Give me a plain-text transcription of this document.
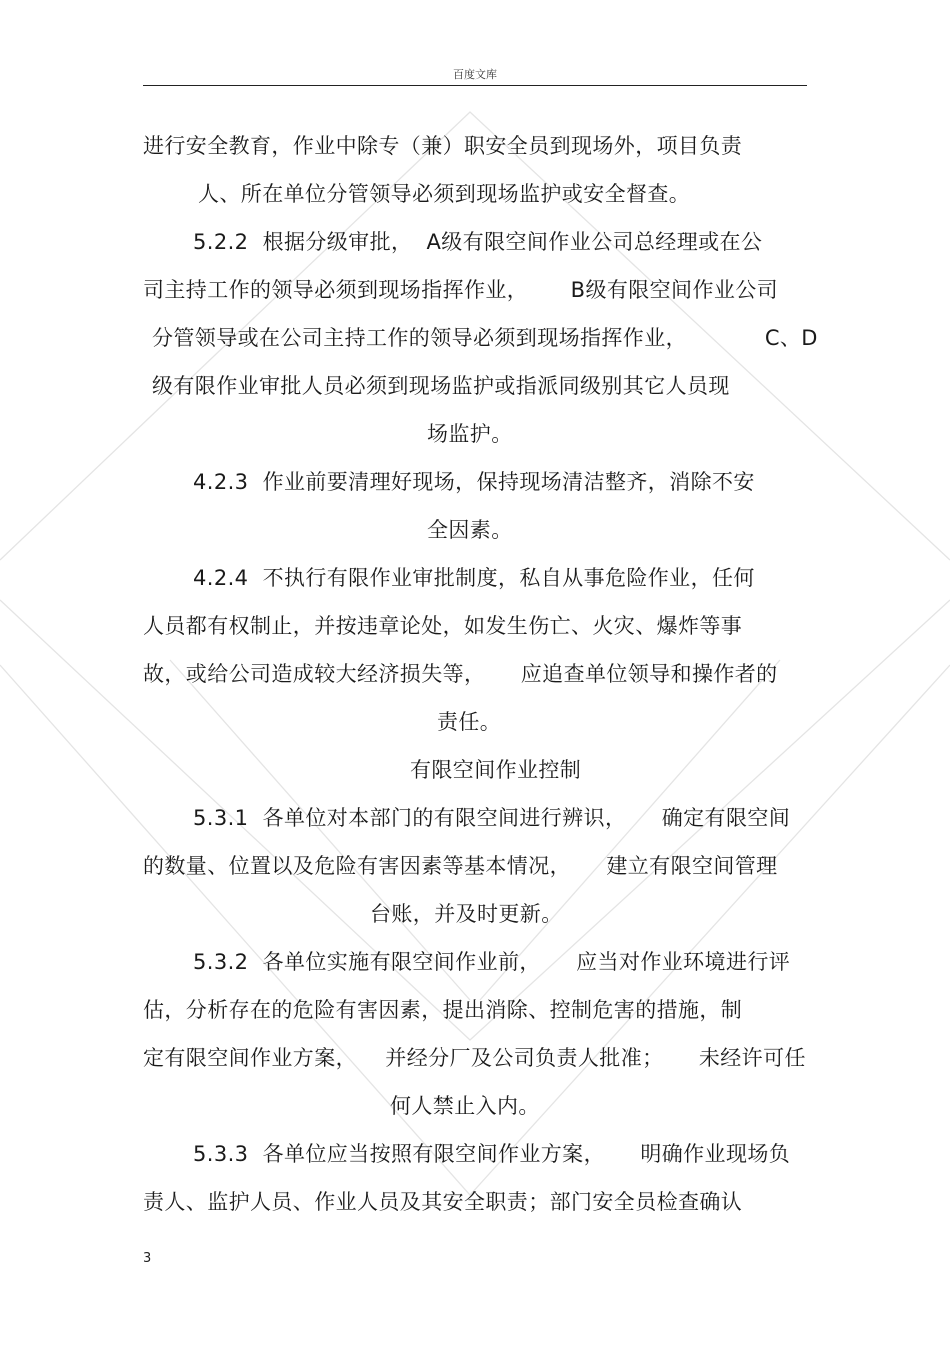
百度文库
进行安全教育，作业中除专（兼）职安全员到现场外，项目负责
人、所在单位分管领导必须到现场监护或安全督查。
5.2.2  根据分级审批，  A级有限空间作业公司总经理或在公
司主持工作的领导必须到现场指挥作业，      B级有限空间作业公司
分管领导或在公司主持工作的领导必须到现场指挥作业，           C、D
级有限作业审批人员必须到现场监护或指派同级别其它人员现
场监护。
4.2.3  作业前要清理好现场，保持现场清洁整齐，消除不安
全因素。
4.2.4  不执行有限作业审批制度，私自从事危险作业，任何
人员都有权制止，并按违章论处，如发生伤亡、火灾、爆炸等事
故，或给公司造成较大经济损失等，     应追查单位领导和操作者的
责任。
有限空间作业控制
5.3.1  各单位对本部门的有限空间进行辨识，     确定有限空间
的数量、位置以及危险有害因素等基本情况，     建立有限空间管理
台账，并及时更新。
5.3.2  各单位实施有限空间作业前，     应当对作业环境进行评
估，分析存在的危险有害因素，提出消除、控制危害的措施，制
定有限空间作业方案，    并经分厂及公司负责人批准；     未经许可任
何人禁止入内。
5.3.3  各单位应当按照有限空间作业方案，     明确作业现场负
责人、监护人员、作业人员及其安全职责；部门安全员检查确认
3
